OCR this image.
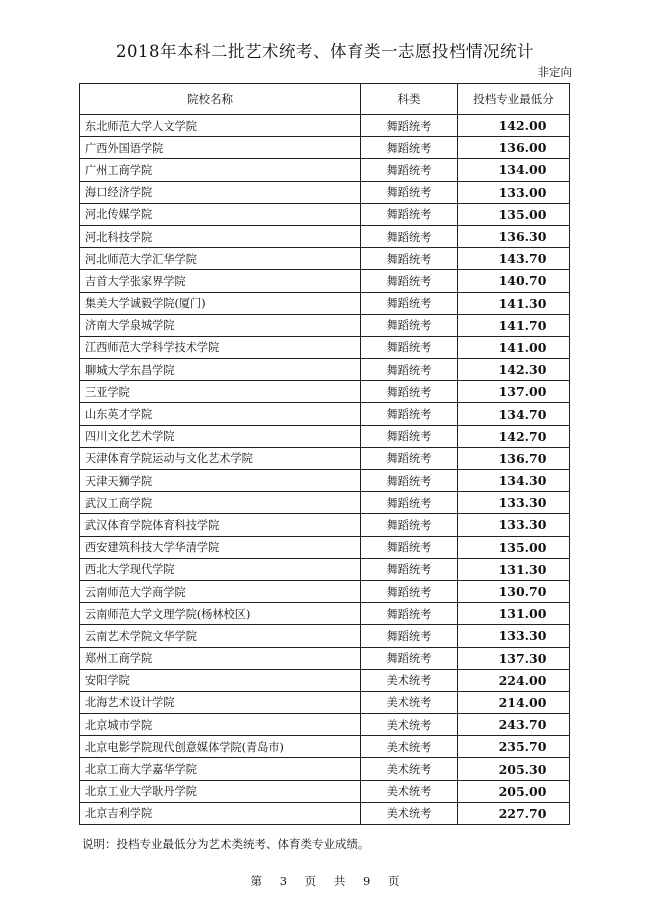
2018年本科二批艺术统考、体育类一志愿投档情况统计
非定向
院校名称	科类	投档专业最低分
东北师范大学人文学院	舞蹈统考	142.00
广西外国语学院	舞蹈统考	136.00
广州工商学院	舞蹈统考	134.00
海口经济学院	舞蹈统考	133.00
河北传媒学院	舞蹈统考	135.00
河北科技学院	舞蹈统考	136.30
河北师范大学汇华学院	舞蹈统考	143.70
吉首大学张家界学院	舞蹈统考	140.70
集美大学诚毅学院(厦门)	舞蹈统考	141.30
济南大学泉城学院	舞蹈统考	141.70
江西师范大学科学技术学院	舞蹈统考	141.00
聊城大学东昌学院	舞蹈统考	142.30
三亚学院	舞蹈统考	137.00
山东英才学院	舞蹈统考	134.70
四川文化艺术学院	舞蹈统考	142.70
天津体育学院运动与文化艺术学院	舞蹈统考	136.70
天津天狮学院	舞蹈统考	134.30
武汉工商学院	舞蹈统考	133.30
武汉体育学院体育科技学院	舞蹈统考	133.30
西安建筑科技大学华清学院	舞蹈统考	135.00
西北大学现代学院	舞蹈统考	131.30
云南师范大学商学院	舞蹈统考	130.70
云南师范大学文理学院(杨林校区)	舞蹈统考	131.00
云南艺术学院文华学院	舞蹈统考	133.30
郑州工商学院	舞蹈统考	137.30
安阳学院	美术统考	224.00
北海艺术设计学院	美术统考	214.00
北京城市学院	美术统考	243.70
北京电影学院现代创意媒体学院(青岛市)	美术统考	235.70
北京工商大学嘉华学院	美术统考	205.30
北京工业大学耿丹学院	美术统考	205.00
北京吉利学院	美术统考	227.70
说明：投档专业最低分为艺术类统考、体育类专业成绩。
第 3 页 共 9 页
